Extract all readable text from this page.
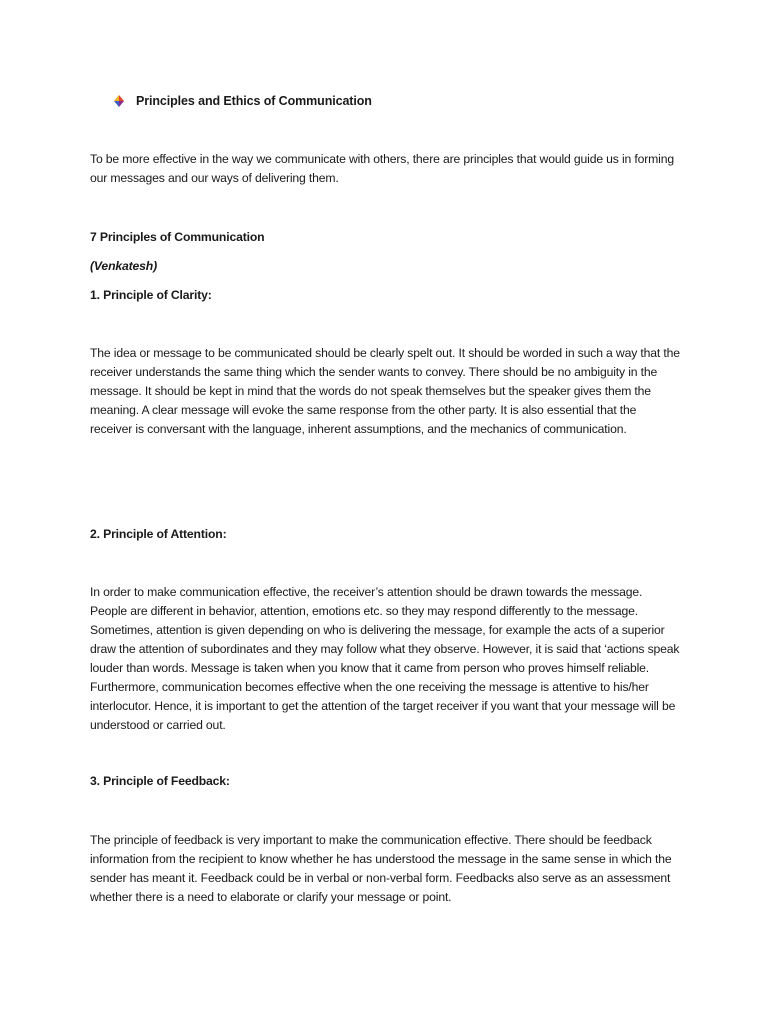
Principles and Ethics of Communication

To be more effective in the way we communicate with others, there are principles that would guide us in forming our messages and our ways of delivering them.

7 Principles of Communication
(Venkatesh)
1. Principle of Clarity:

The idea or message to be communicated should be clearly spelt out. It should be worded in such a way that the receiver understands the same thing which the sender wants to convey. There should be no ambiguity in the message. It should be kept in mind that the words do not speak themselves but the speaker gives them the meaning. A clear message will evoke the same response from the other party. It is also essential that the receiver is conversant with the language, inherent assumptions, and the mechanics of communication.

2. Principle of Attention:

In order to make communication effective, the receiver’s attention should be drawn towards the message. People are different in behavior, attention, emotions etc. so they may respond differently to the message. Sometimes, attention is given depending on who is delivering the message, for example the acts of a superior draw the attention of subordinates and they may follow what they observe. However, it is said that ‘actions speak louder than words. Message is taken when you know that it came from person who proves himself reliable. Furthermore, communication becomes effective when the one receiving the message is attentive to his/her interlocutor. Hence, it is important to get the attention of the target receiver if you want that your message will be understood or carried out.

3. Principle of Feedback:

The principle of feedback is very important to make the communication effective. There should be feedback information from the recipient to know whether he has understood the message in the same sense in which the sender has meant it. Feedback could be in verbal or non-verbal form. Feedbacks also serve as an assessment whether there is a need to elaborate or clarify your message or point.
